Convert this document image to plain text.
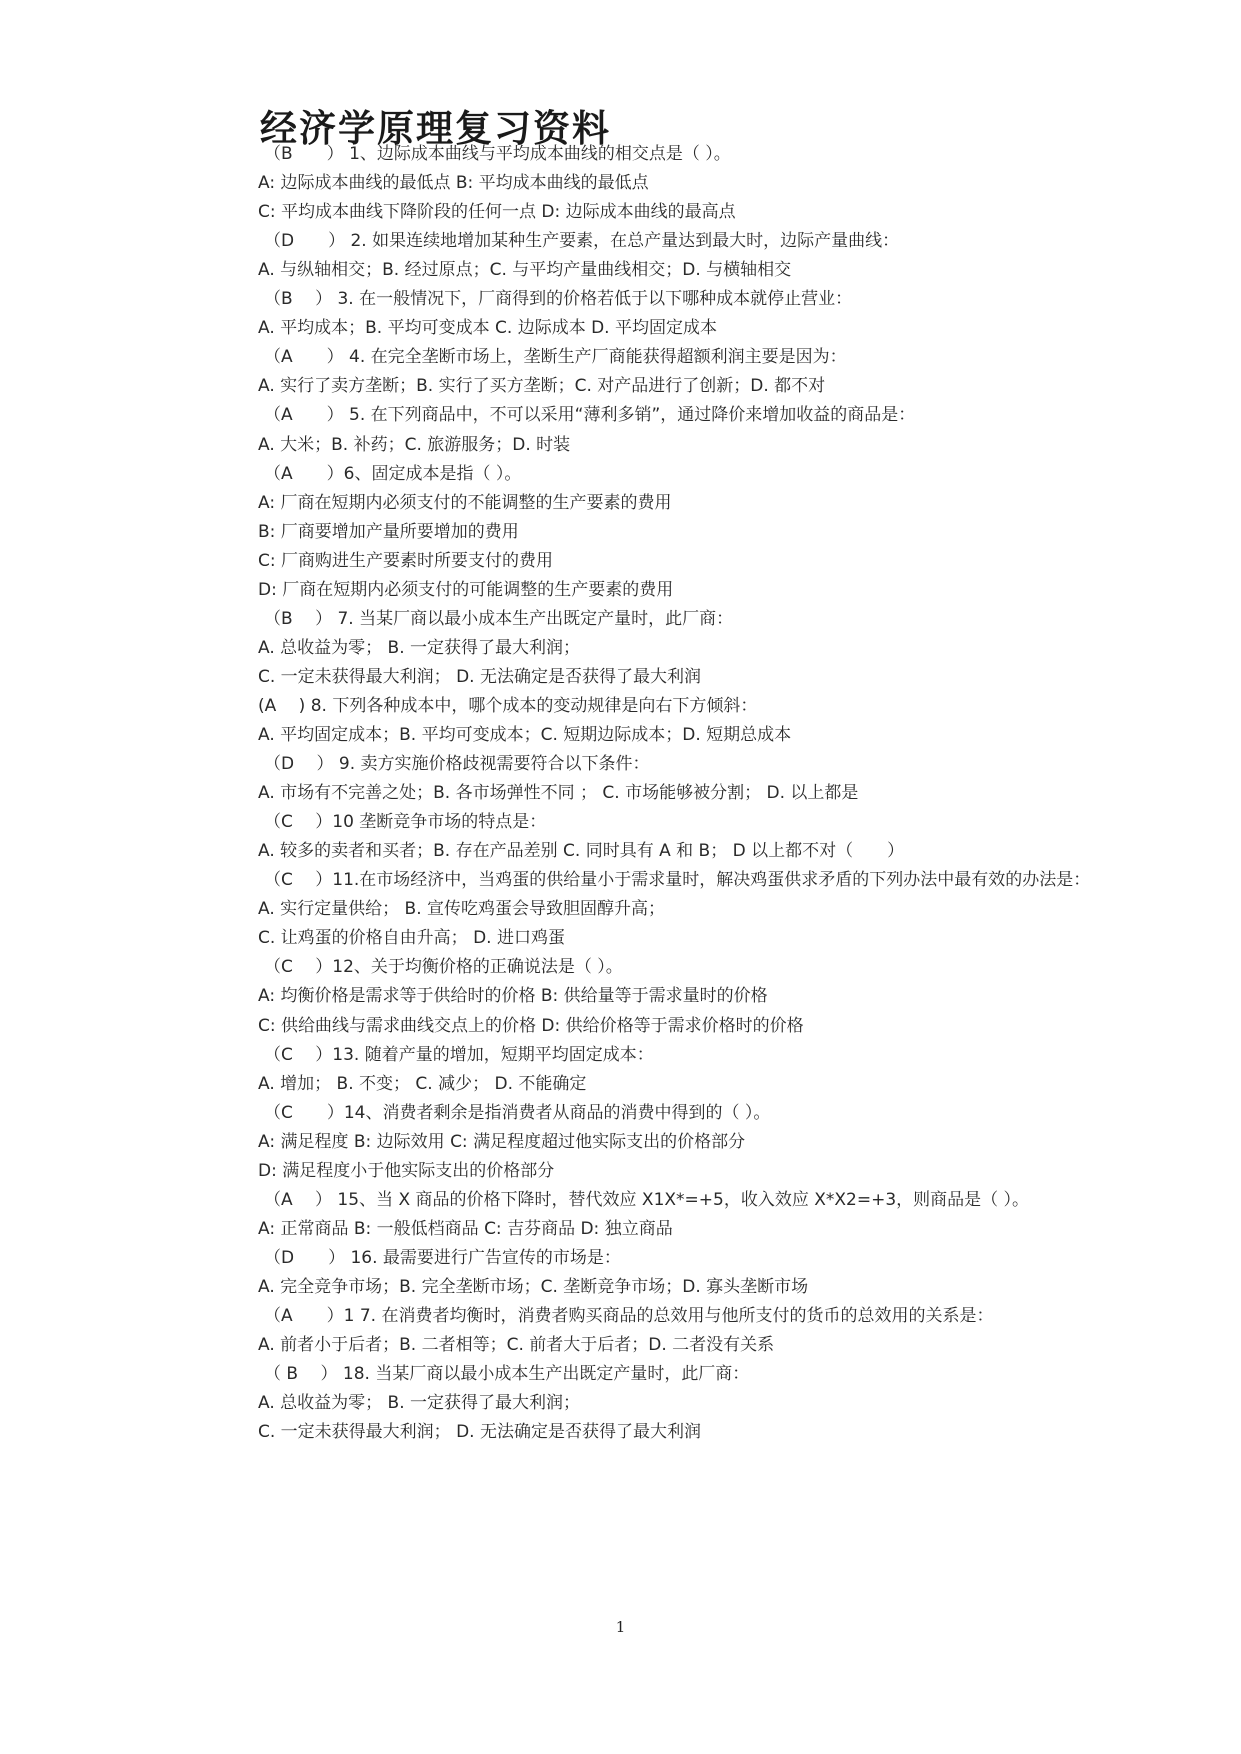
经济学原理复习资料
（B　　） 1、边际成本曲线与平均成本曲线的相交点是（ ）。
A: 边际成本曲线的最低点 B: 平均成本曲线的最低点
C: 平均成本曲线下降阶段的任何一点 D: 边际成本曲线的最高点
（D　　） 2. 如果连续地增加某种生产要素，在总产量达到最大时，边际产量曲线：
A. 与纵轴相交；B. 经过原点；C. 与平均产量曲线相交；D. 与横轴相交
（B　 ） 3. 在一般情况下，厂商得到的价格若低于以下哪种成本就停止营业：
A. 平均成本；B. 平均可变成本 C. 边际成本 D. 平均固定成本
（A　　） 4. 在完全垄断市场上，垄断生产厂商能获得超额利润主要是因为：
A. 实行了卖方垄断；B. 实行了买方垄断；C. 对产品进行了创新；D. 都不对
（A　　） 5. 在下列商品中，不可以采用“薄利多销”，通过降价来增加收益的商品是：
A. 大米；B. 补药；C. 旅游服务；D. 时装
（A　　）6、固定成本是指（ ）。
A: 厂商在短期内必须支付的不能调整的生产要素的费用
B: 厂商要增加产量所要增加的费用
C: 厂商购进生产要素时所要支付的费用
D: 厂商在短期内必须支付的可能调整的生产要素的费用
（B　 ） 7. 当某厂商以最小成本生产出既定产量时，此厂商：
A. 总收益为零； B. 一定获得了最大利润；
C. 一定未获得最大利润； D. 无法确定是否获得了最大利润
(A　 ) 8. 下列各种成本中，哪个成本的变动规律是向右下方倾斜：
A. 平均固定成本；B. 平均可变成本；C. 短期边际成本；D. 短期总成本
（D　 ） 9. 卖方实施价格歧视需要符合以下条件：
A. 市场有不完善之处；B. 各市场弹性不同 ； C. 市场能够被分割； D. 以上都是
（C　 ）10 垄断竞争市场的特点是：
A. 较多的卖者和买者；B. 存在产品差别 C. 同时具有 A 和 B； D 以上都不对（　　）
（C　 ）11.在市场经济中，当鸡蛋的供给量小于需求量时，解决鸡蛋供求矛盾的下列办法中最有效的办法是：
A. 实行定量供给； B. 宣传吃鸡蛋会导致胆固醇升高；
C. 让鸡蛋的价格自由升高； D. 进口鸡蛋
（C　 ）12、关于均衡价格的正确说法是（ ）。
A: 均衡价格是需求等于供给时的价格 B: 供给量等于需求量时的价格
C: 供给曲线与需求曲线交点上的价格 D: 供给价格等于需求价格时的价格
（C　 ）13. 随着产量的增加，短期平均固定成本：
A. 增加； B. 不变； C. 减少； D. 不能确定
（C　　）14、消费者剩余是指消费者从商品的消费中得到的（ ）。
A: 满足程度 B: 边际效用 C: 满足程度超过他实际支出的价格部分
D: 满足程度小于他实际支出的价格部分
（A　 ） 15、当 X 商品的价格下降时，替代效应 X1X*=+5，收入效应 X*X2=+3，则商品是（ ）。
A: 正常商品 B: 一般低档商品 C: 吉芬商品 D: 独立商品
（D　　） 16. 最需要进行广告宣传的市场是：
A. 完全竞争市场；B. 完全垄断市场；C. 垄断竞争市场；D. 寡头垄断市场
（A　　）1 7. 在消费者均衡时，消费者购买商品的总效用与他所支付的货币的总效用的关系是：
A. 前者小于后者；B. 二者相等；C. 前者大于后者；D. 二者没有关系
（ B　 ） 18. 当某厂商以最小成本生产出既定产量时，此厂商：
A. 总收益为零； B. 一定获得了最大利润；
C. 一定未获得最大利润； D. 无法确定是否获得了最大利润
1
